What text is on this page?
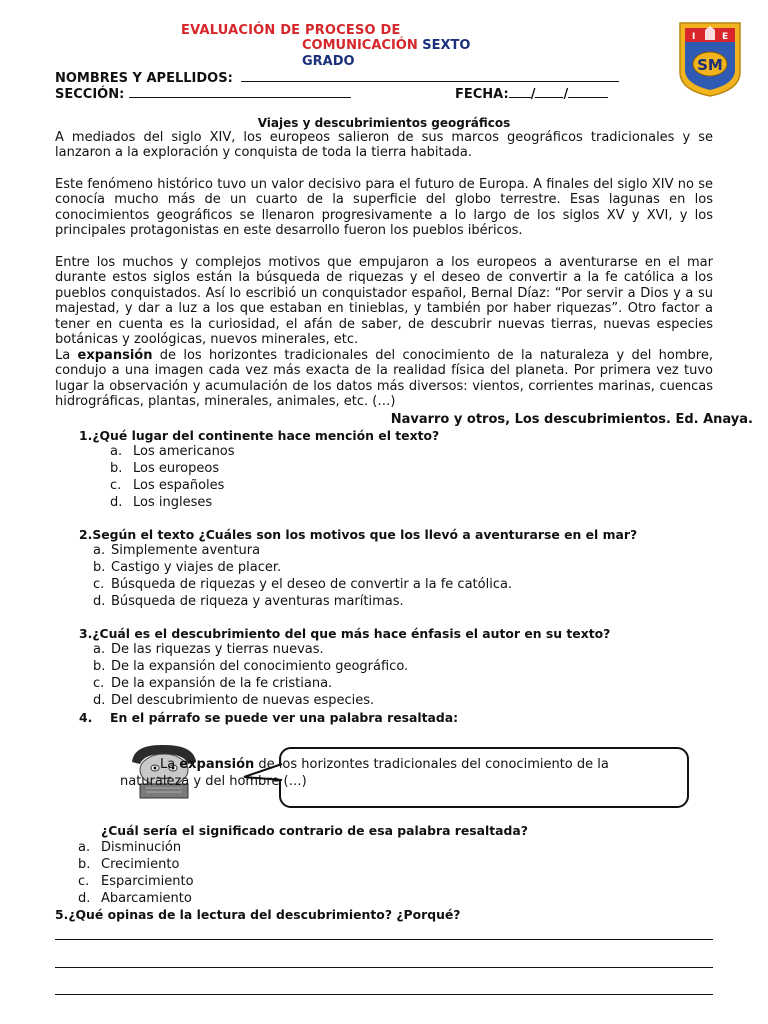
EVALUACIÓN DE PROCESO DE
COMUNICACIÓN SEXTO
GRADO
I	E
SM
NOMBRES Y APELLIDOS:
SECCIÓN:	FECHA: / /
Viajes y descubrimientos geográficos
A mediados del siglo XIV, los europeos salieron de sus marcos geográficos tradicionales y se lanzaron a la exploración y conquista de toda la tierra habitada.
Este fenómeno histórico tuvo un valor decisivo para el futuro de Europa. A finales del siglo XIV no se conocía mucho más de un cuarto de la superficie del globo terrestre. Esas lagunas en los conocimientos geográficos se llenaron progresivamente a lo largo de los siglos XV y XVI, y los principales protagonistas en este desarrollo fueron los pueblos ibéricos.
Entre los muchos y complejos motivos que empujaron a los europeos a aventurarse en el mar durante estos siglos están la búsqueda de riquezas y el deseo de convertir a la fe católica a los pueblos conquistados. Así lo escribió un conquistador español, Bernal Díaz: “Por servir a Dios y a su majestad, y dar a luz a los que estaban en tinieblas, y también por haber riquezas”. Otro factor a tener en cuenta es la curiosidad, el afán de saber, de descubrir nuevas tierras, nuevas especies botánicas y zoológicas, nuevos minerales, etc.
La expansión de los horizontes tradicionales del conocimiento de la naturaleza y del hombre, condujo a una imagen cada vez más exacta de la realidad física del planeta. Por primera vez tuvo lugar la observación y acumulación de los datos más diversos: vientos, corrientes marinas, cuencas hidrográficas, plantas, minerales, animales, etc. (…)
Navarro y otros, Los descubrimientos. Ed. Anaya.
1.¿Qué lugar del continente hace mención el texto?
a. Los americanos
b. Los europeos
c. Los españoles
d. Los ingleses
2.Según el texto ¿Cuáles son los motivos que los llevó a aventurarse en el mar?
a. Simplemente aventura
b. Castigo y viajes de placer.
c. Búsqueda de riquezas y el deseo de convertir a la fe católica.
d. Búsqueda de riqueza y aventuras marítimas.
3.¿Cuál es el descubrimiento del que más hace énfasis el autor en su texto?
a. De las riquezas y tierras nuevas.
b. De la expansión del conocimiento geográfico.
c. De la expansión de la fe cristiana.
d. Del descubrimiento de nuevas especies.
4. En el párrafo se puede ver una palabra resaltada:
La expansión de los horizontes tradicionales del conocimiento de la naturaleza y del hombre (…)
¿Cuál sería el significado contrario de esa palabra resaltada?
a. Disminución
b. Crecimiento
c. Esparcimiento
d. Abarcamiento
5.¿Qué opinas de la lectura del descubrimiento? ¿Porqué?
